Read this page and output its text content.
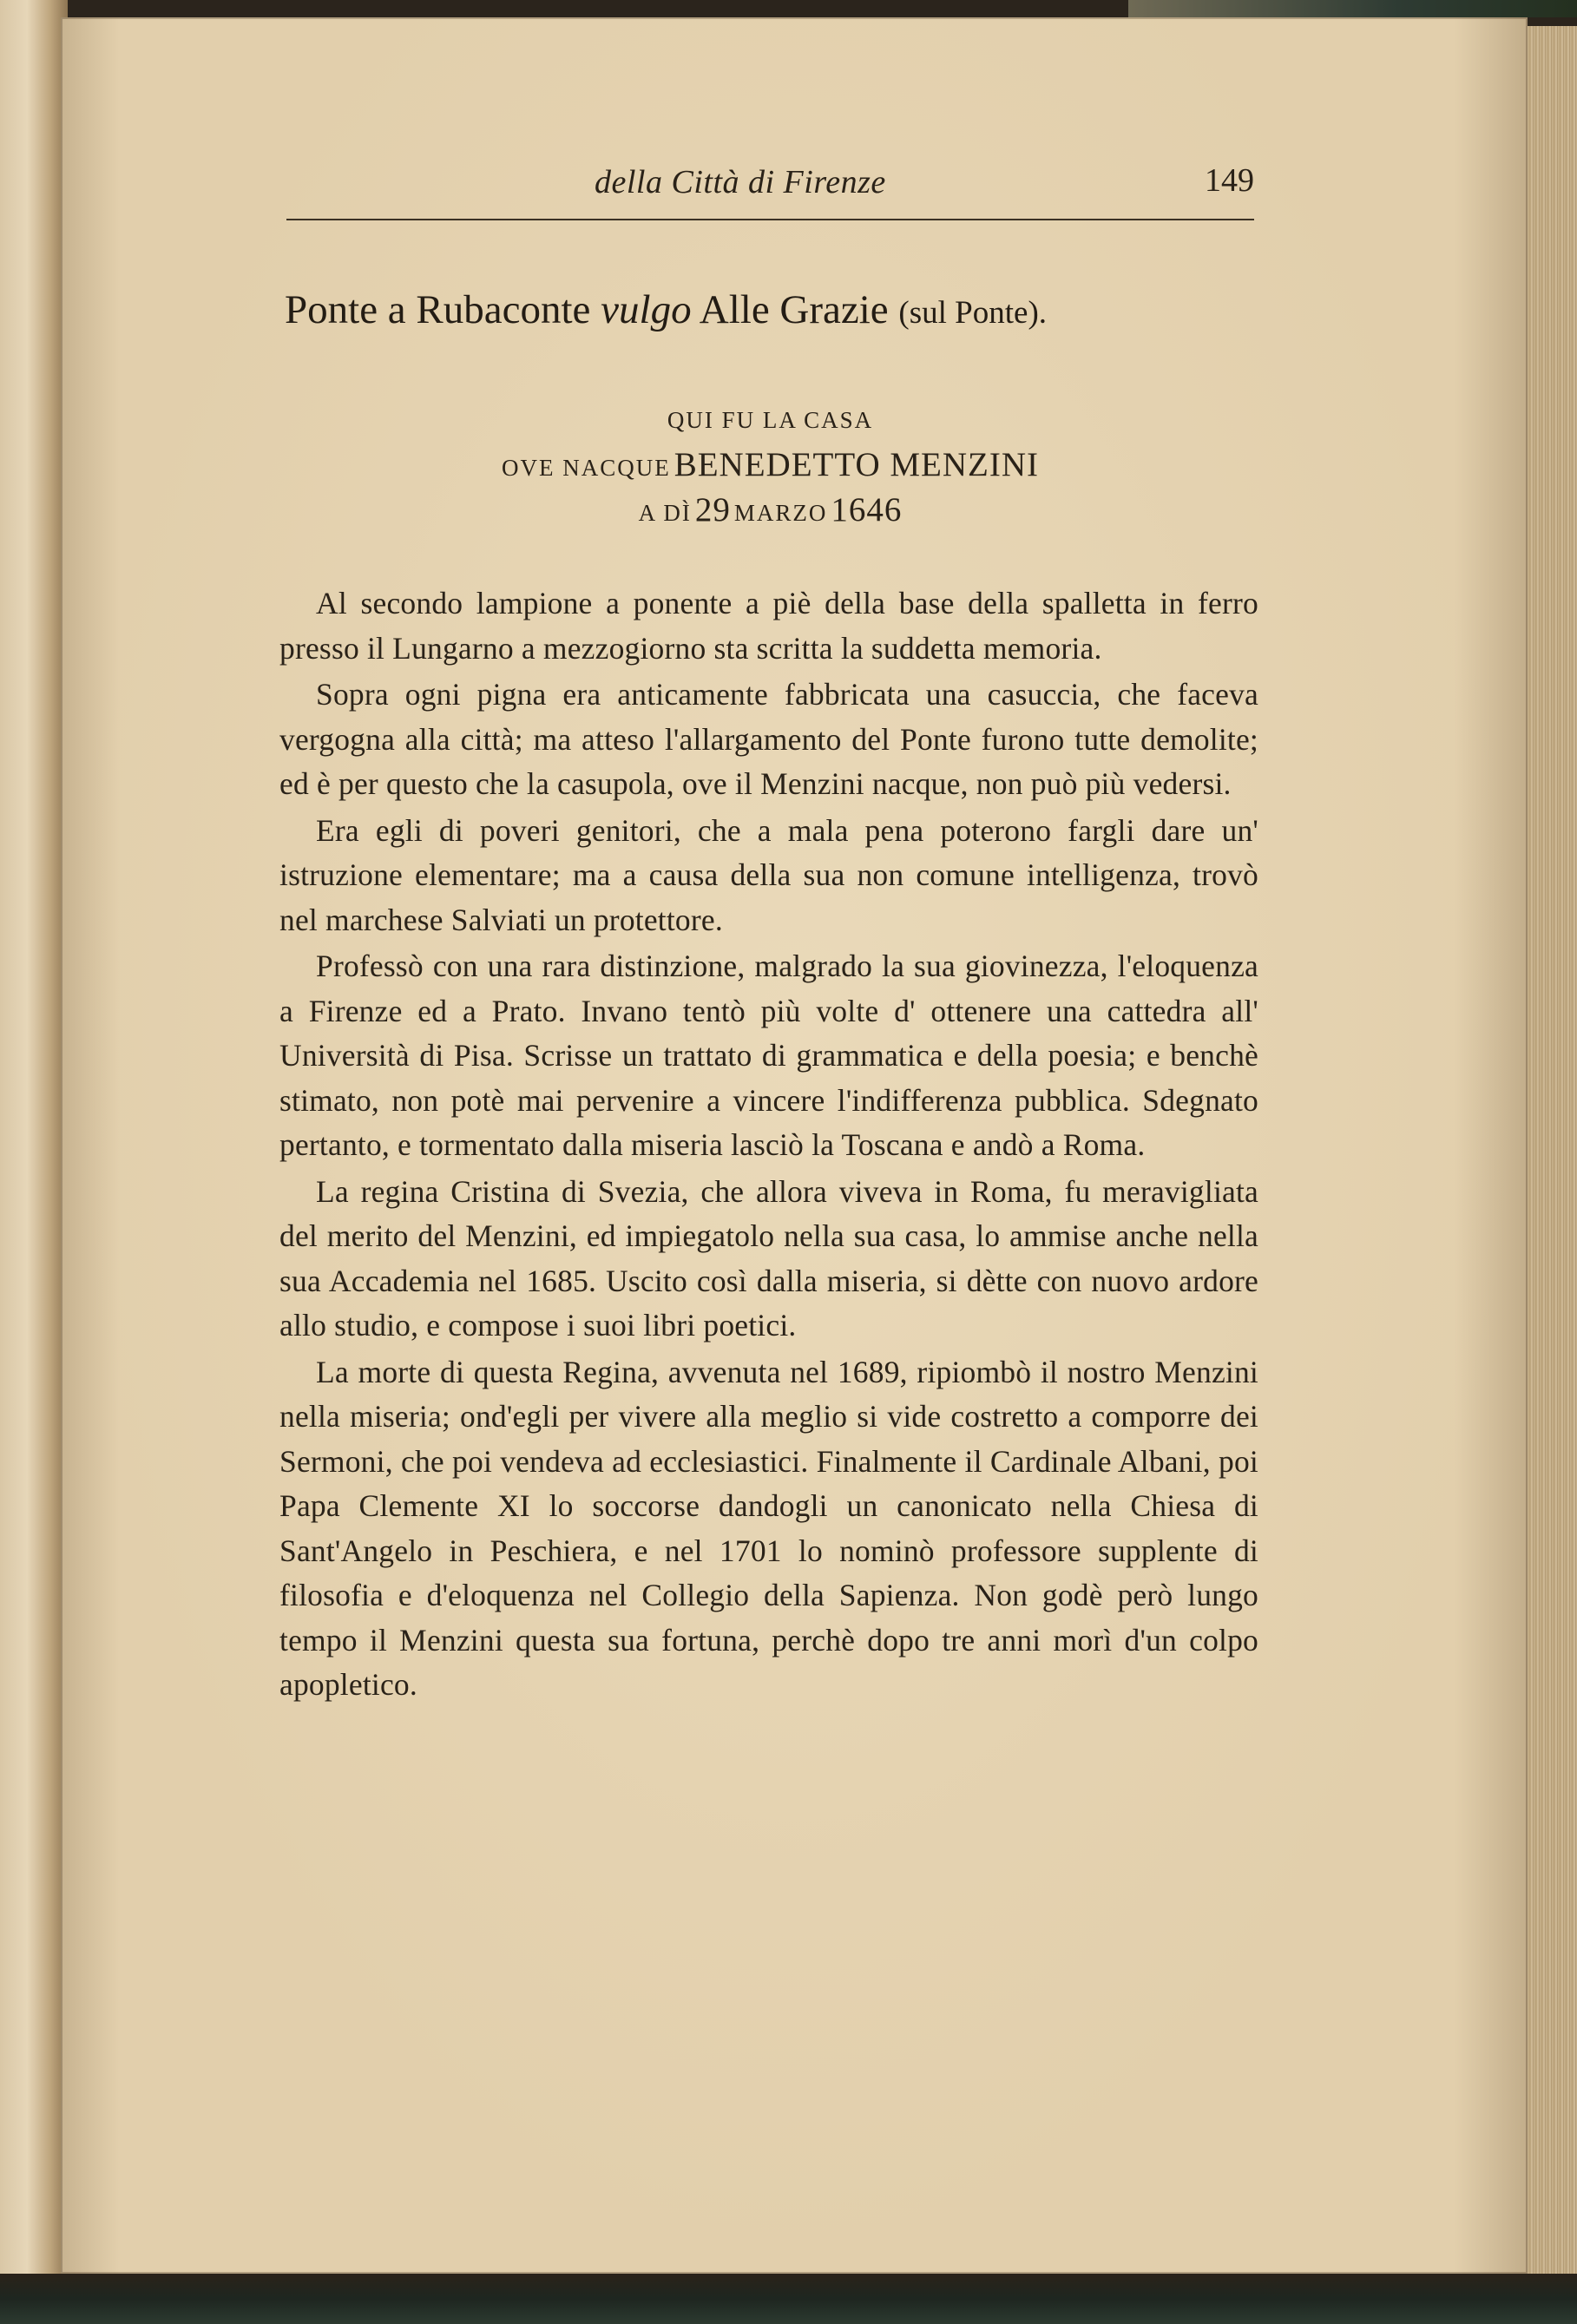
della Città di Firenze	149
Ponte a Rubaconte vulgo Alle Grazie (sul Ponte).
QUI FU LA CASA
OVE NACQUE BENEDETTO MENZINI
A DÌ 29 MARZO 1646

Al secondo lampione a ponente a piè della base della spalletta in ferro presso il Lungarno a mezzogiorno sta scritta la suddetta memoria.

Sopra ogni pigna era anticamente fabbricata una casuccia, che faceva vergogna alla città; ma atteso l'allargamento del Ponte furono tutte demolite; ed è per questo che la casupola, ove il Menzini nacque, non può più vedersi.

Era egli di poveri genitori, che a mala pena poterono fargli dare un' istruzione elementare; ma a causa della sua non comune intelligenza, trovò nel marchese Salviati un protettore.

Professò con una rara distinzione, malgrado la sua giovinezza, l'eloquenza a Firenze ed a Prato. Invano tentò più volte d' ottenere una cattedra all' Università di Pisa. Scrisse un trattato di grammatica e della poesia; e benchè stimato, non potè mai pervenire a vincere l'indifferenza pubblica. Sdegnato pertanto, e tormentato dalla miseria lasciò la Toscana e andò a Roma.

La regina Cristina di Svezia, che allora viveva in Roma, fu meravigliata del merito del Menzini, ed impiegatolo nella sua casa, lo ammise anche nella sua Accademia nel 1685. Uscito così dalla miseria, si dètte con nuovo ardore allo studio, e compose i suoi libri poetici.

La morte di questa Regina, avvenuta nel 1689, ripiombò il nostro Menzini nella miseria; ond'egli per vivere alla meglio si vide costretto a comporre dei Sermoni, che poi vendeva ad ecclesiastici. Finalmente il Cardinale Albani, poi Papa Clemente XI lo soccorse dandogli un canonicato nella Chiesa di Sant'Angelo in Peschiera, e nel 1701 lo nominò professore supplente di filosofia e d'eloquenza nel Collegio della Sapienza. Non godè però lungo tempo il Menzini questa sua fortuna, perchè dopo tre anni morì d'un colpo apopletico.
